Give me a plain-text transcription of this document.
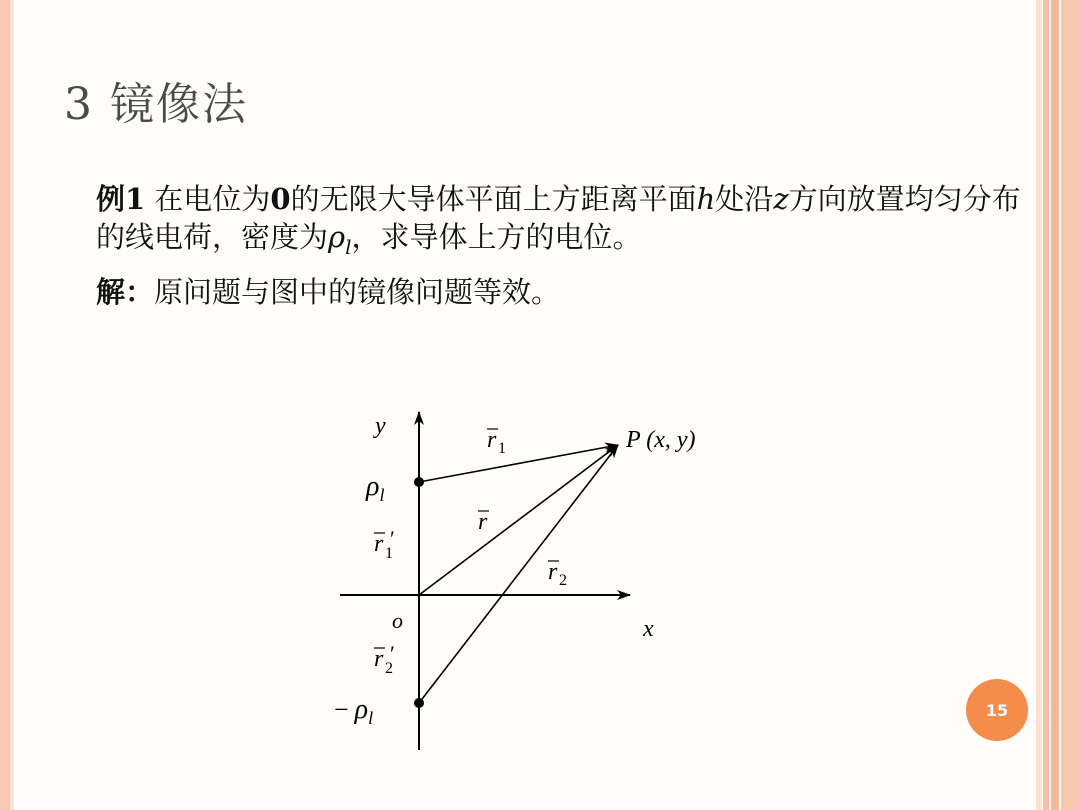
3 镜像法

例1 在电位为0的无限大导体平面上方距离平面h处沿z方向放置均匀分布的线电荷，密度为$\rho_l$，求导体上方的电位。

解：原问题与图中的镜像问题等效。

y
x
o
P (x, y)
$\rho_l$
− $\rho_l$
r 1
r
r 2
r 1
′
r 2
′
15
